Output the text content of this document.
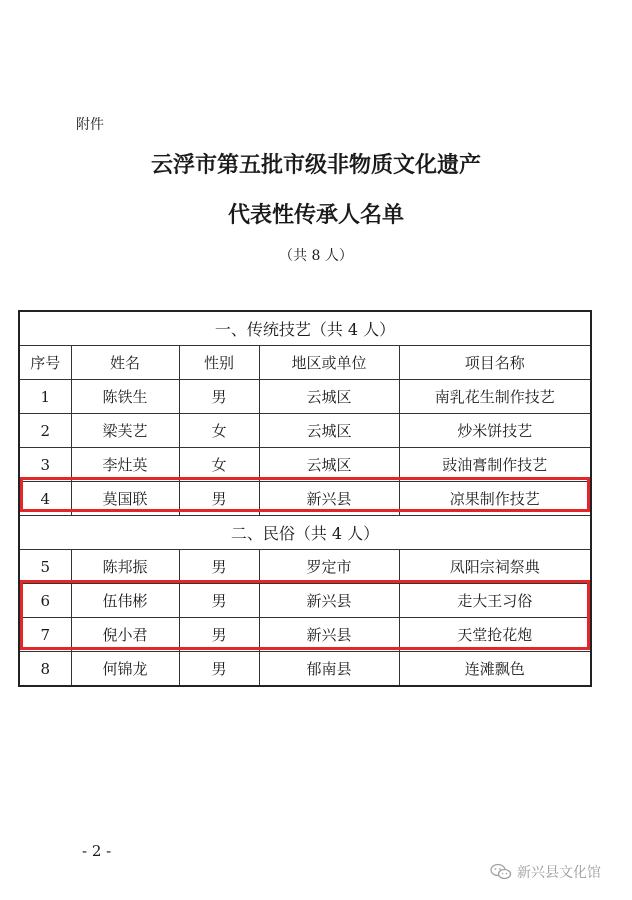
附件
云浮市第五批市级非物质文化遗产
代表性传承人名单
（共 8 人）
一、传统技艺（共 4 人）				
序号	姓名	性别	地区或单位	项目名称
1	陈铁生	男	云城区	南乳花生制作技艺
2	梁芙艺	女	云城区	炒米饼技艺
3	李灶英	女	云城区	豉油膏制作技艺
4	莫国联	男	新兴县	凉果制作技艺
二、民俗（共 4 人）				
5	陈邦振	男	罗定市	凤阳宗祠祭典
6	伍伟彬	男	新兴县	走大王习俗
7	倪小君	男	新兴县	天堂抢花炮
8	何锦龙	男	郁南县	连滩飘色
- 2 -
新兴县文化馆
